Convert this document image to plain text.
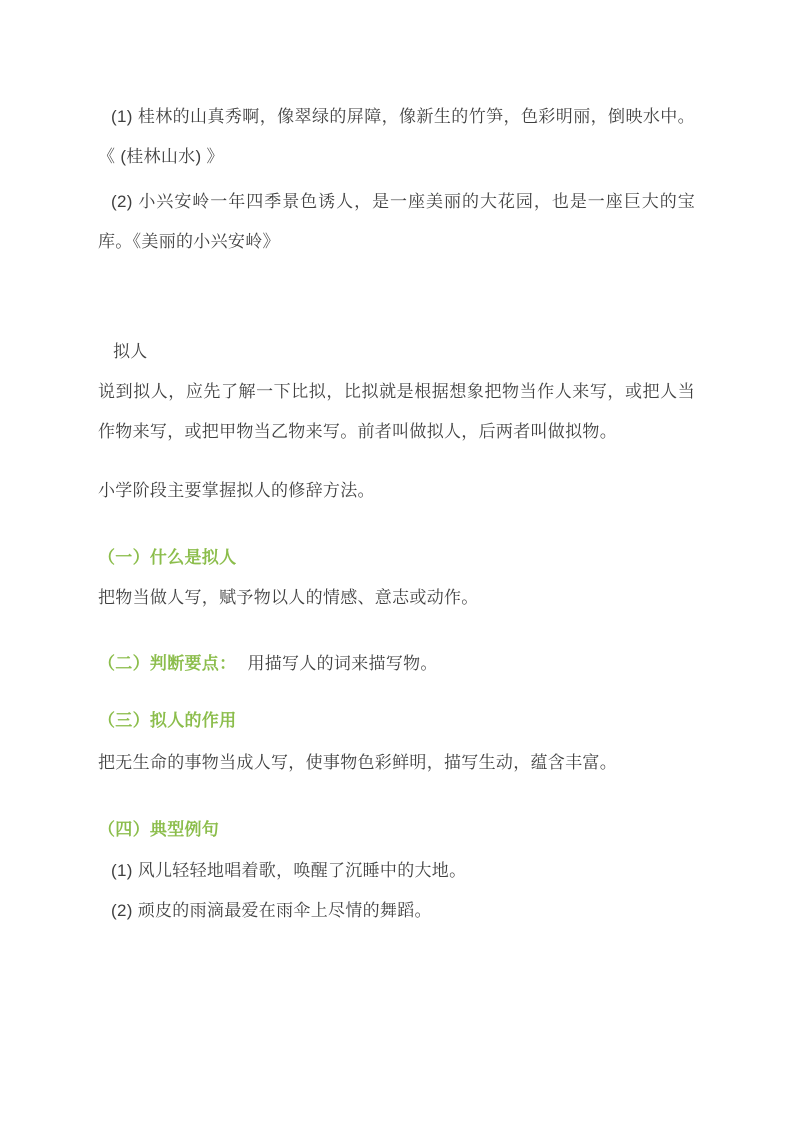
(1) 桂林的山真秀啊，像翠绿的屏障，像新生的竹笋，色彩明丽，倒映水中。《 (桂林山水) 》

(2) 小兴安岭一年四季景色诱人，是一座美丽的大花园，也是一座巨大的宝库。《美丽的小兴安岭》

拟人

说到拟人，应先了解一下比拟，比拟就是根据想象把物当作人来写，或把人当作物来写，或把甲物当乙物来写。前者叫做拟人，后两者叫做拟物。

小学阶段主要掌握拟人的修辞方法。

（一）什么是拟人

把物当做人写，赋予物以人的情感、意志或动作。

（二）判断要点： 用描写人的词来描写物。

（三）拟人的作用

把无生命的事物当成人写，使事物色彩鲜明，描写生动，蕴含丰富。

（四）典型例句

(1) 风儿轻轻地唱着歌，唤醒了沉睡中的大地。

(2) 顽皮的雨滴最爱在雨伞上尽情的舞蹈。
